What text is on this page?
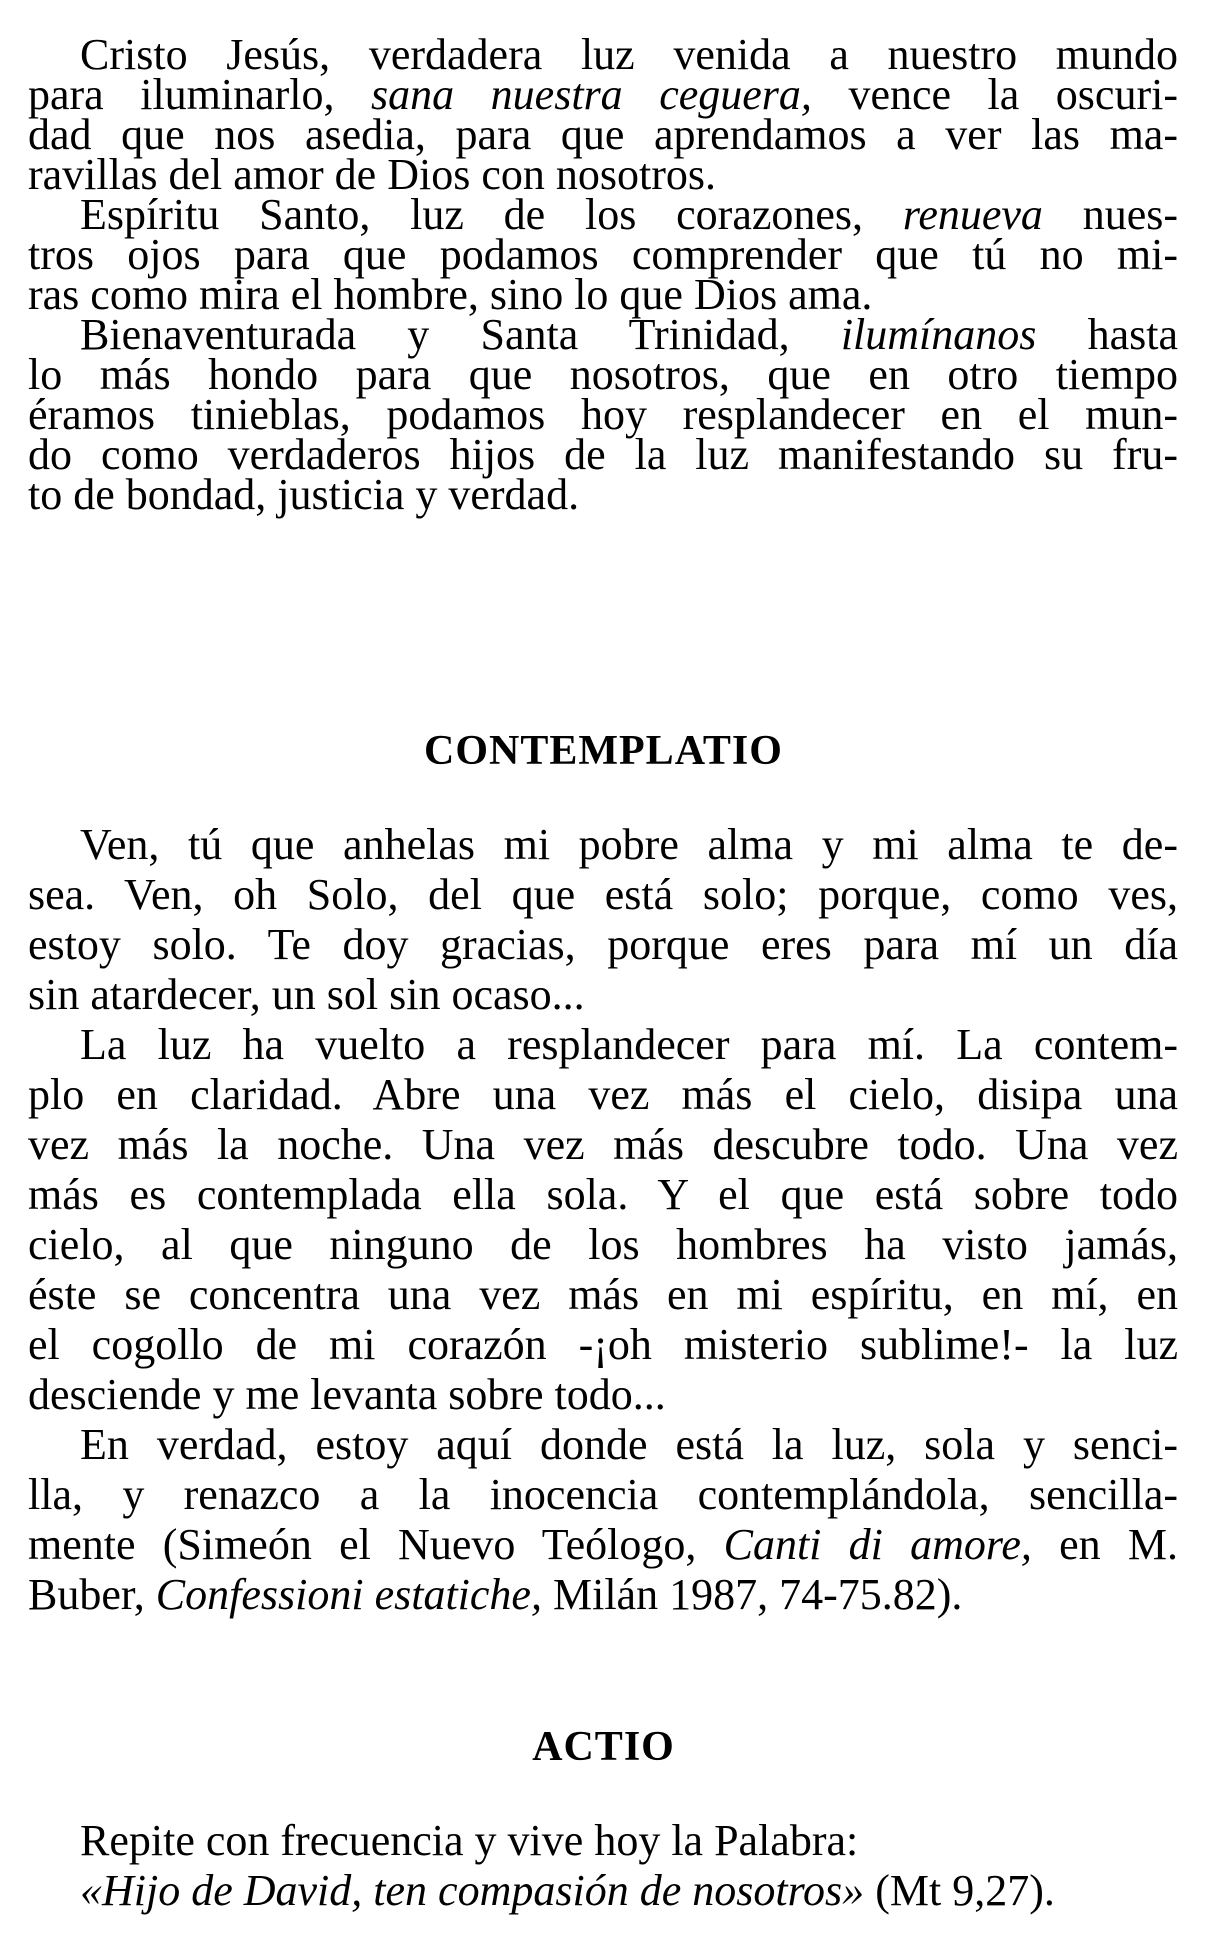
Cristo Jesús, verdadera luz venida a nuestro mundo
para iluminarlo, sana nuestra ceguera, vence la oscuri-
dad que nos asedia, para que aprendamos a ver las ma-
ravillas del amor de Dios con nosotros.
Espíritu Santo, luz de los corazones, renueva nues-
tros ojos para que podamos comprender que tú no mi-
ras como mira el hombre, sino lo que Dios ama.
Bienaventurada y Santa Trinidad, ilumínanos hasta
lo más hondo para que nosotros, que en otro tiempo
éramos tinieblas, podamos hoy resplandecer en el mun-
do como verdaderos hijos de la luz manifestando su fru-
to de bondad, justicia y verdad.
CONTEMPLATIO
Ven, tú que anhelas mi pobre alma y mi alma te de-
sea. Ven, oh Solo, del que está solo; porque, como ves,
estoy solo. Te doy gracias, porque eres para mí un día
sin atardecer, un sol sin ocaso...
La luz ha vuelto a resplandecer para mí. La contem-
plo en claridad. Abre una vez más el cielo, disipa una
vez más la noche. Una vez más descubre todo. Una vez
más es contemplada ella sola. Y el que está sobre todo
cielo, al que ninguno de los hombres ha visto jamás,
éste se concentra una vez más en mi espíritu, en mí, en
el cogollo de mi corazón -¡oh misterio sublime!- la luz
desciende y me levanta sobre todo...
En verdad, estoy aquí donde está la luz, sola y senci-
lla, y renazco a la inocencia contemplándola, sencilla-
mente (Simeón el Nuevo Teólogo, Canti di amore, en M.
Buber, Confessioni estatiche, Milán 1987, 74-75.82).
ACTIO
Repite con frecuencia y vive hoy la Palabra:
«Hijo de David, ten compasión de nosotros» (Mt 9,27).
